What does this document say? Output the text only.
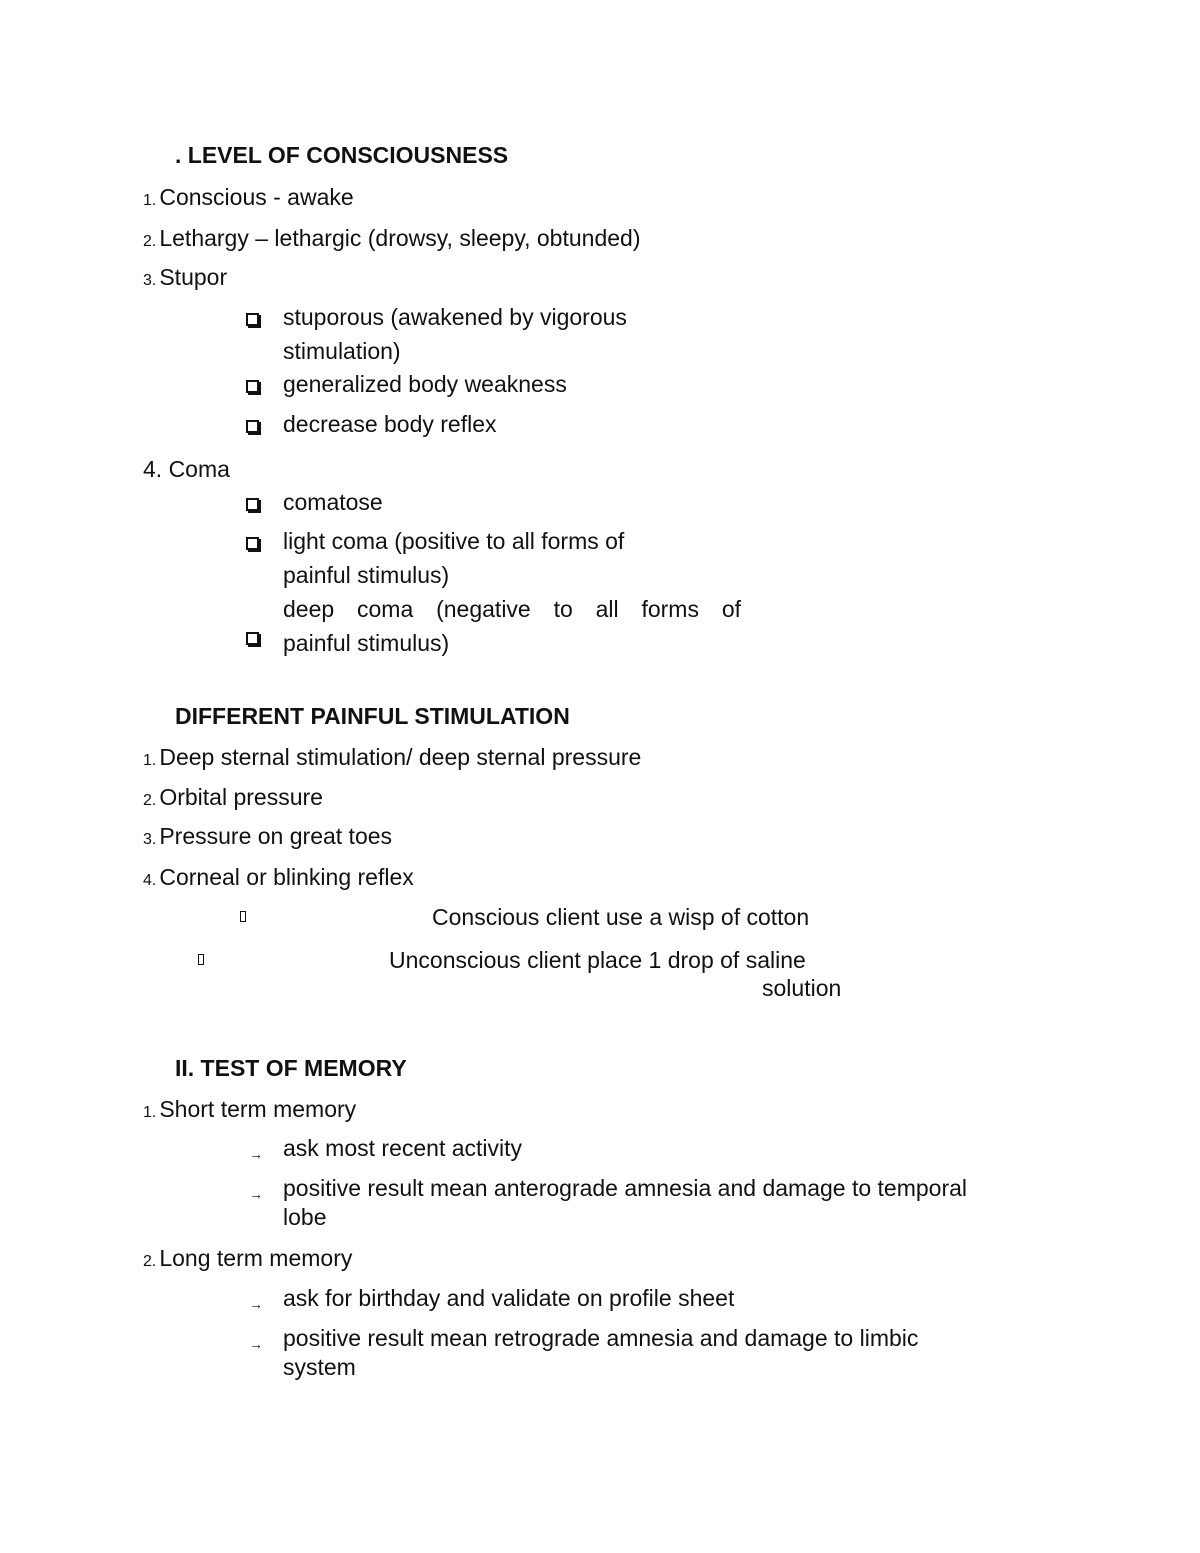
. LEVEL OF CONSCIOUSNESS
1. Conscious - awake
2. Lethargy – lethargic (drowsy, sleepy, obtunded)
3. Stupor
stuporous (awakened by vigorous
stimulation)
generalized body weakness
decrease body reflex
4. Coma
comatose
light coma (positive to all forms of
painful stimulus)
deep coma (negative to all forms of
painful stimulus)
DIFFERENT PAINFUL STIMULATION
1. Deep sternal stimulation/ deep sternal pressure
2. Orbital pressure
3. Pressure on great toes
4. Corneal or blinking reflex
Conscious client use a wisp of cotton
Unconscious client place 1 drop of saline
solution
II. TEST OF MEMORY
1. Short term memory
→ ask most recent activity
→ positive result mean anterograde amnesia and damage to temporal
lobe
2. Long term memory
→ ask for birthday and validate on profile sheet
→ positive result mean retrograde amnesia and damage to limbic
system
